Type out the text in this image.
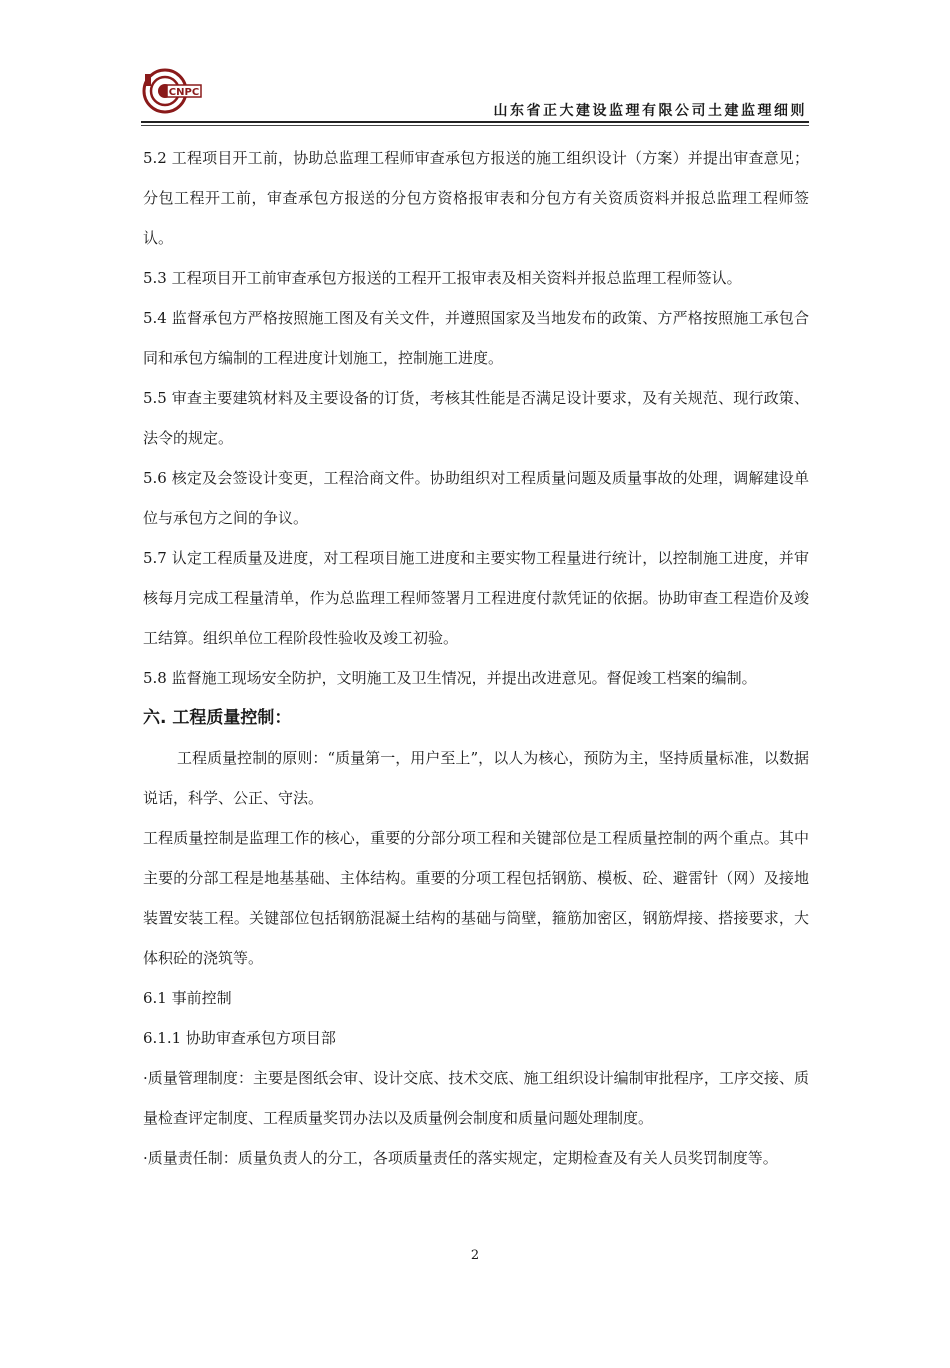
CNPC
山东省正大建设监理有限公司土建监理细则

5.2 工程项目开工前，协助总监理工程师审查承包方报送的施工组织设计（方案）并提出审查意见；分包工程开工前，审查承包方报送的分包方资格报审表和分包方有关资质资料并报总监理工程师签认。

5.3 工程项目开工前审查承包方报送的工程开工报审表及相关资料并报总监理工程师签认。

5.4 监督承包方严格按照施工图及有关文件，并遵照国家及当地发布的政策、方严格按照施工承包合同和承包方编制的工程进度计划施工，控制施工进度。

5.5 审查主要建筑材料及主要设备的订货，考核其性能是否满足设计要求，及有关规范、现行政策、法令的规定。

5.6 核定及会签设计变更，工程洽商文件。协助组织对工程质量问题及质量事故的处理，调解建设单位与承包方之间的争议。

5.7 认定工程质量及进度，对工程项目施工进度和主要实物工程量进行统计，以控制施工进度，并审核每月完成工程量清单，作为总监理工程师签署月工程进度付款凭证的依据。协助审查工程造价及竣工结算。组织单位工程阶段性验收及竣工初验。

5.8 监督施工现场安全防护，文明施工及卫生情况，并提出改进意见。督促竣工档案的编制。

六. 工程质量控制：

工程质量控制的原则：“质量第一，用户至上”，以人为核心，预防为主，坚持质量标准，以数据说话，科学、公正、守法。

工程质量控制是监理工作的核心，重要的分部分项工程和关键部位是工程质量控制的两个重点。其中主要的分部工程是地基基础、主体结构。重要的分项工程包括钢筋、模板、砼、避雷针（网）及接地装置安装工程。关键部位包括钢筋混凝土结构的基础与筒壁，箍筋加密区，钢筋焊接、搭接要求，大体积砼的浇筑等。

6.1 事前控制

6.1.1 协助审查承包方项目部

·质量管理制度：主要是图纸会审、设计交底、技术交底、施工组织设计编制审批程序，工序交接、质量检查评定制度、工程质量奖罚办法以及质量例会制度和质量问题处理制度。

·质量责任制：质量负责人的分工，各项质量责任的落实规定，定期检查及有关人员奖罚制度等。

2
